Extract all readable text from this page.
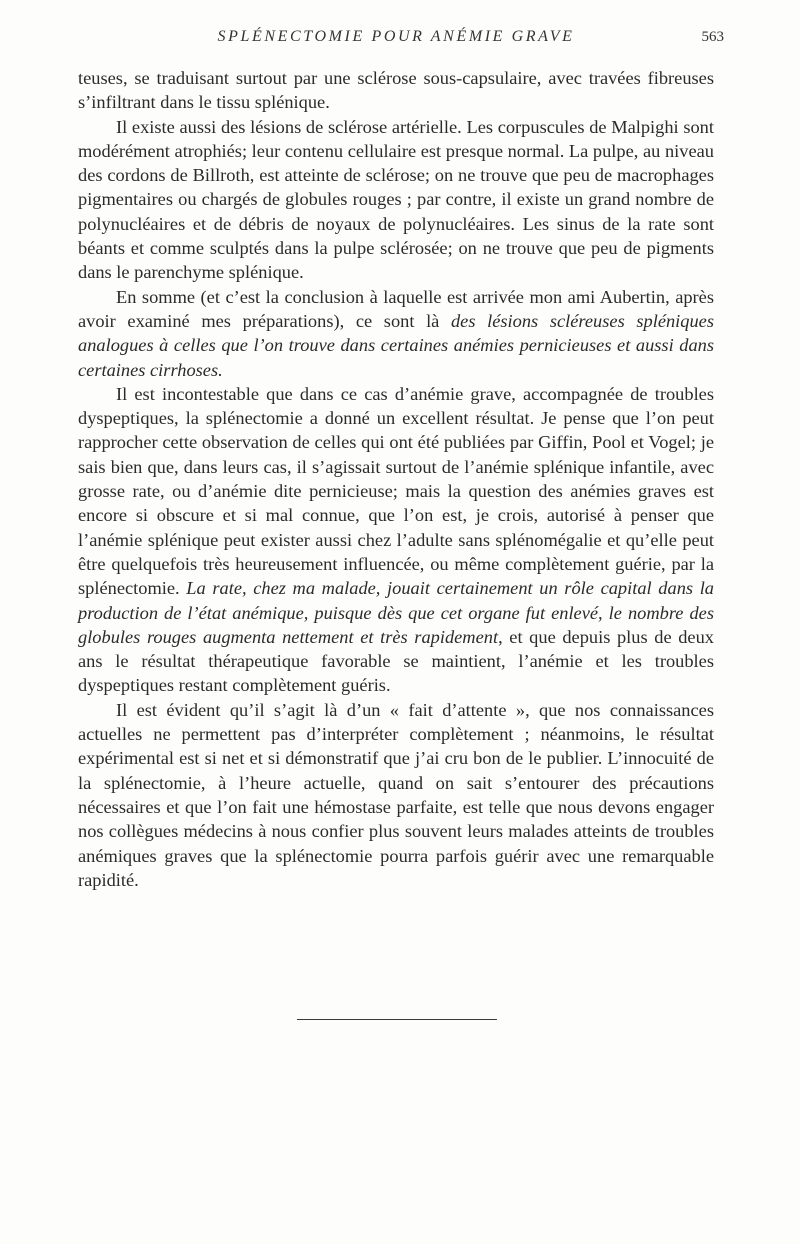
SPLÉNECTOMIE POUR ANÉMIE GRAVE	563

teuses, se traduisant surtout par une sclérose sous-capsulaire, avec travées fibreuses s’infiltrant dans le tissu splénique.

Il existe aussi des lésions de sclérose artérielle. Les corpuscules de Malpighi sont modérément atrophiés; leur contenu cellulaire est presque normal. La pulpe, au niveau des cordons de Billroth, est atteinte de sclérose; on ne trouve que peu de macrophages pigmentaires ou chargés de globules rouges ; par contre, il existe un grand nombre de polynucléaires et de débris de noyaux de polynucléaires. Les sinus de la rate sont béants et comme sculptés dans la pulpe sclérosée; on ne trouve que peu de pigments dans le parenchyme splénique.

En somme (et c’est la conclusion à laquelle est arrivée mon ami Aubertin, après avoir examiné mes préparations), ce sont là des lésions scléreuses spléniques analogues à celles que l’on trouve dans certaines anémies pernicieuses et aussi dans certaines cirrhoses.

Il est incontestable que dans ce cas d’anémie grave, accompagnée de troubles dyspeptiques, la splénectomie a donné un excellent résultat. Je pense que l’on peut rapprocher cette observation de celles qui ont été publiées par Giffin, Pool et Vogel; je sais bien que, dans leurs cas, il s’agissait surtout de l’anémie splénique infantile, avec grosse rate, ou d’anémie dite pernicieuse; mais la question des anémies graves est encore si obscure et si mal connue, que l’on est, je crois, autorisé à penser que l’anémie splénique peut exister aussi chez l’adulte sans splénomégalie et qu’elle peut être quelquefois très heureusement influencée, ou même complètement guérie, par la splénectomie. La rate, chez ma malade, jouait certainement un rôle capital dans la production de l’état anémique, puisque dès que cet organe fut enlevé, le nombre des globules rouges augmenta nettement et très rapidement, et que depuis plus de deux ans le résultat thérapeutique favorable se maintient, l’anémie et les troubles dyspeptiques restant complètement guéris.

Il est évident qu’il s’agit là d’un « fait d’attente », que nos connaissances actuelles ne permettent pas d’interpréter complètement ; néanmoins, le résultat expérimental est si net et si démonstratif que j’ai cru bon de le publier. L’innocuité de la splénectomie, à l’heure actuelle, quand on sait s’entourer des précautions nécessaires et que l’on fait une hémostase parfaite, est telle que nous devons engager nos collègues médecins à nous confier plus souvent leurs malades atteints de troubles anémiques graves que la splénectomie pourra parfois guérir avec une remarquable rapidité.
